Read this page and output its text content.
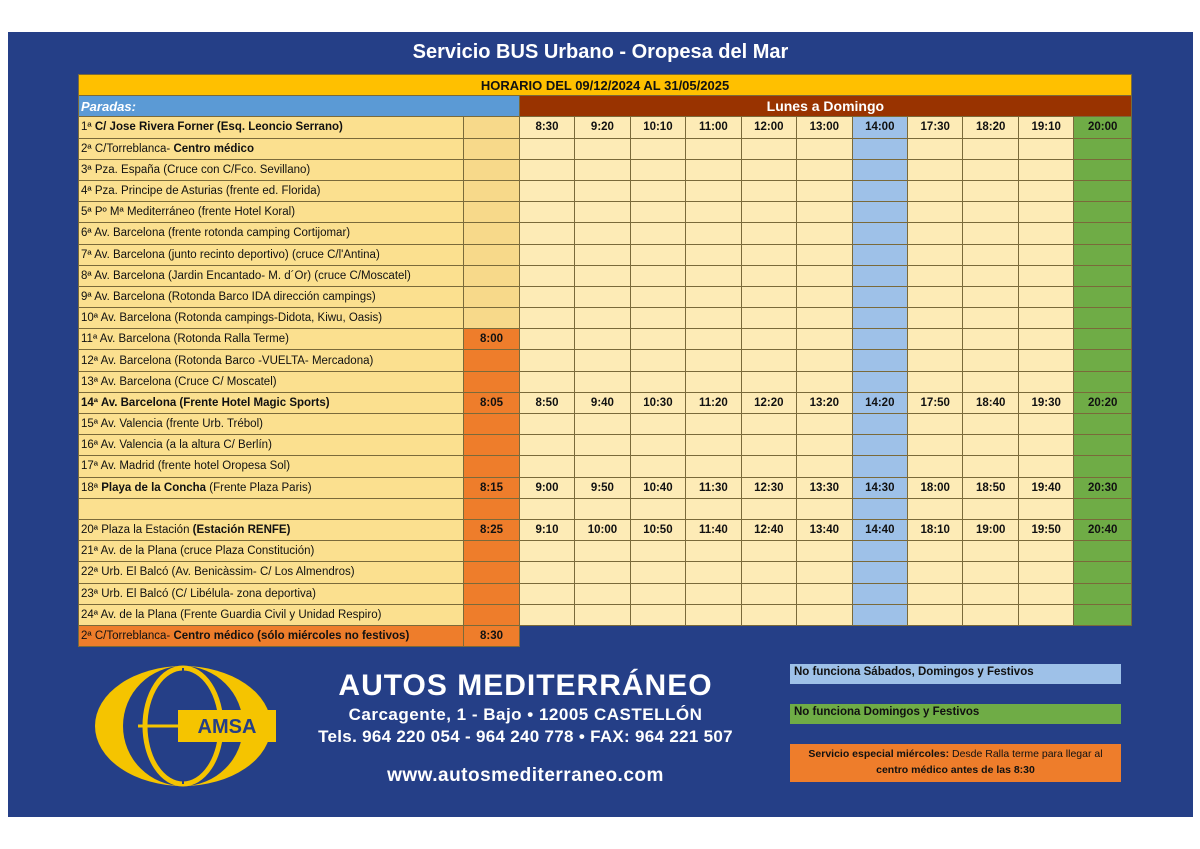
Servicio BUS Urbano - Oropesa del Mar
HORARIO DEL 09/12/2024 AL 31/05/2025												
Paradas:		Lunes a Domingo										
1ª C/ Jose Rivera Forner (Esq. Leoncio Serrano)		8:30	9:20	10:10	11:00	12:00	13:00	14:00	17:30	18:20	19:10	20:00
2ª C/Torreblanca- Centro médico												
3ª Pza. España (Cruce con C/Fco. Sevillano)												
4ª Pza. Principe de Asturias (frente ed. Florida)												
5ª Pº Mª Mediterráneo (frente Hotel Koral)												
6ª Av. Barcelona (frente rotonda camping Cortijomar)												
7ª Av. Barcelona (junto recinto deportivo) (cruce C/l'Antina)												
8ª Av. Barcelona (Jardin Encantado- M. d´Or) (cruce C/Moscatel)												
9ª Av. Barcelona (Rotonda Barco IDA dirección campings)												
10ª Av. Barcelona (Rotonda campings-Didota, Kiwu, Oasis)												
11ª Av. Barcelona (Rotonda Ralla Terme)	8:00											
12ª Av. Barcelona (Rotonda Barco -VUELTA- Mercadona)												
13ª Av. Barcelona (Cruce C/ Moscatel)												
14ª Av. Barcelona (Frente Hotel Magic Sports)	8:05	8:50	9:40	10:30	11:20	12:20	13:20	14:20	17:50	18:40	19:30	20:20
15ª Av. Valencia (frente Urb. Trébol)												
16ª Av. Valencia (a la altura C/ Berlín)												
17ª Av. Madrid (frente hotel Oropesa Sol)												
18ª Playa de la Concha (Frente Plaza Paris)	8:15	9:00	9:50	10:40	11:30	12:30	13:30	14:30	18:00	18:50	19:40	20:30

20ª Plaza la Estación (Estación RENFE)	8:25	9:10	10:00	10:50	11:40	12:40	13:40	14:40	18:10	19:00	19:50	20:40
21ª Av. de la Plana (cruce Plaza Constitución)												
22ª Urb. El Balcó (Av. Benicàssim- C/ Los Almendros)												
23ª Urb. El Balcó (C/ Libélula- zona deportiva)												
24ª Av. de la Plana (Frente Guardia Civil y Unidad Respiro)												
2ª C/Torreblanca- Centro médico (sólo miércoles no festivos)	8:30											
AMSA
AUTOS MEDITERRÁNEO
Carcagente, 1 - Bajo • 12005 CASTELLÓN
Tels. 964 220 054 - 964 240 778 • FAX: 964 221 507
www.autosmediterraneo.com
No funciona Sábados, Domingos y Festivos
No funciona Domingos y Festivos
Servicio especial miércoles: Desde Ralla terme para llegar al
centro médico antes de las 8:30
